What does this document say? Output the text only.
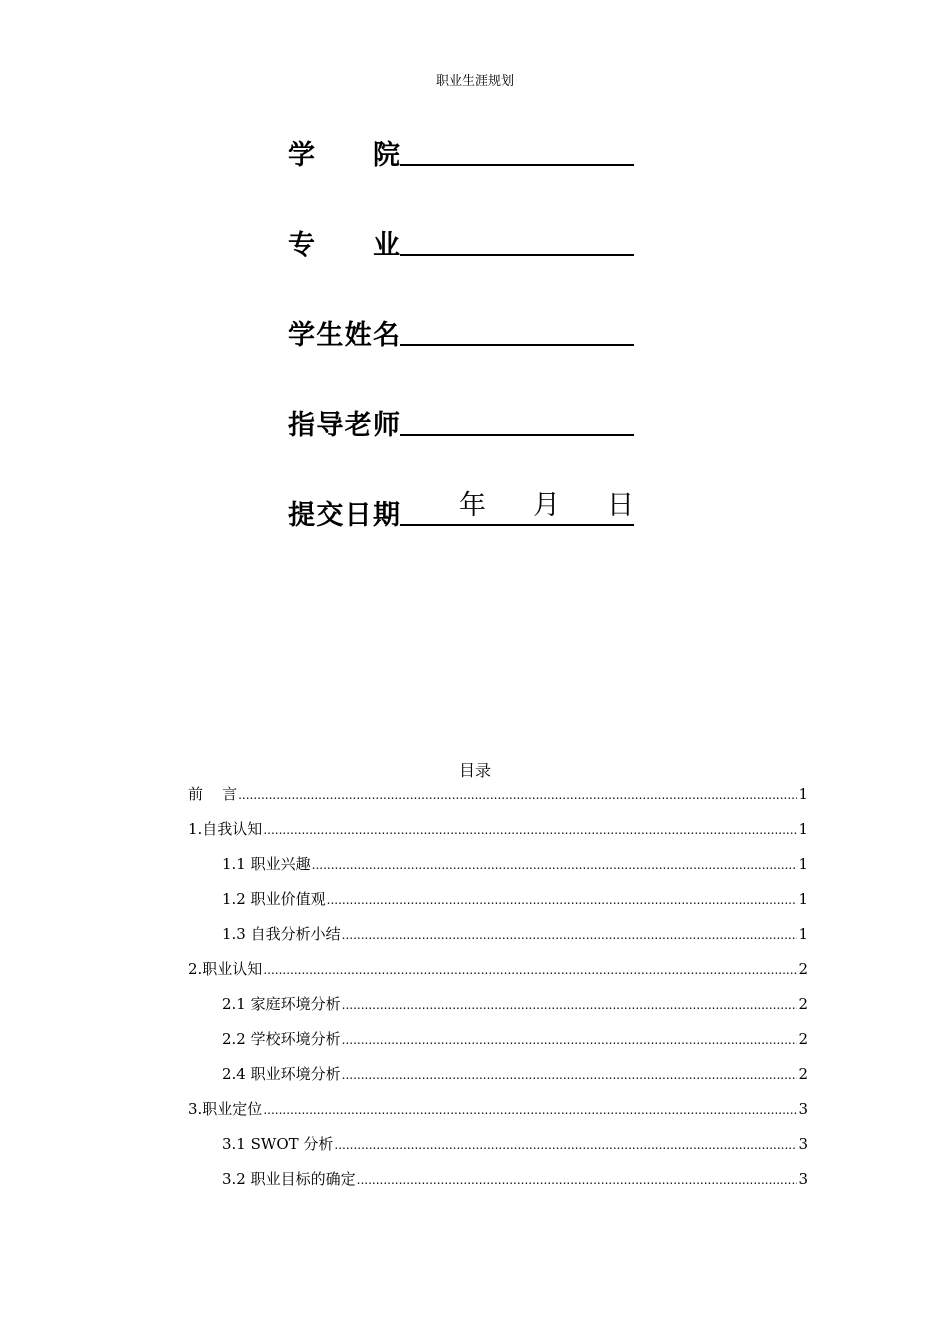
职业生涯规划
学 院
专 业
学 生 姓 名
指 导 老 师
提 交 日 期	年	月	日
目录
前    言 .....	1
1.自我认知 .....	1
1.1 职业兴趣 .....	1
1.2 职业价值观 .....	1
1.3 自我分析小结 .....	1
2.职业认知 .....	2
2.1 家庭环境分析 .....	2
2.2 学校环境分析 .....	2
2.4 职业环境分析 .....	2
3.职业定位 .....	3
3.1 SWOT 分析 .....	3
3.2 职业目标的确定 .....	3
